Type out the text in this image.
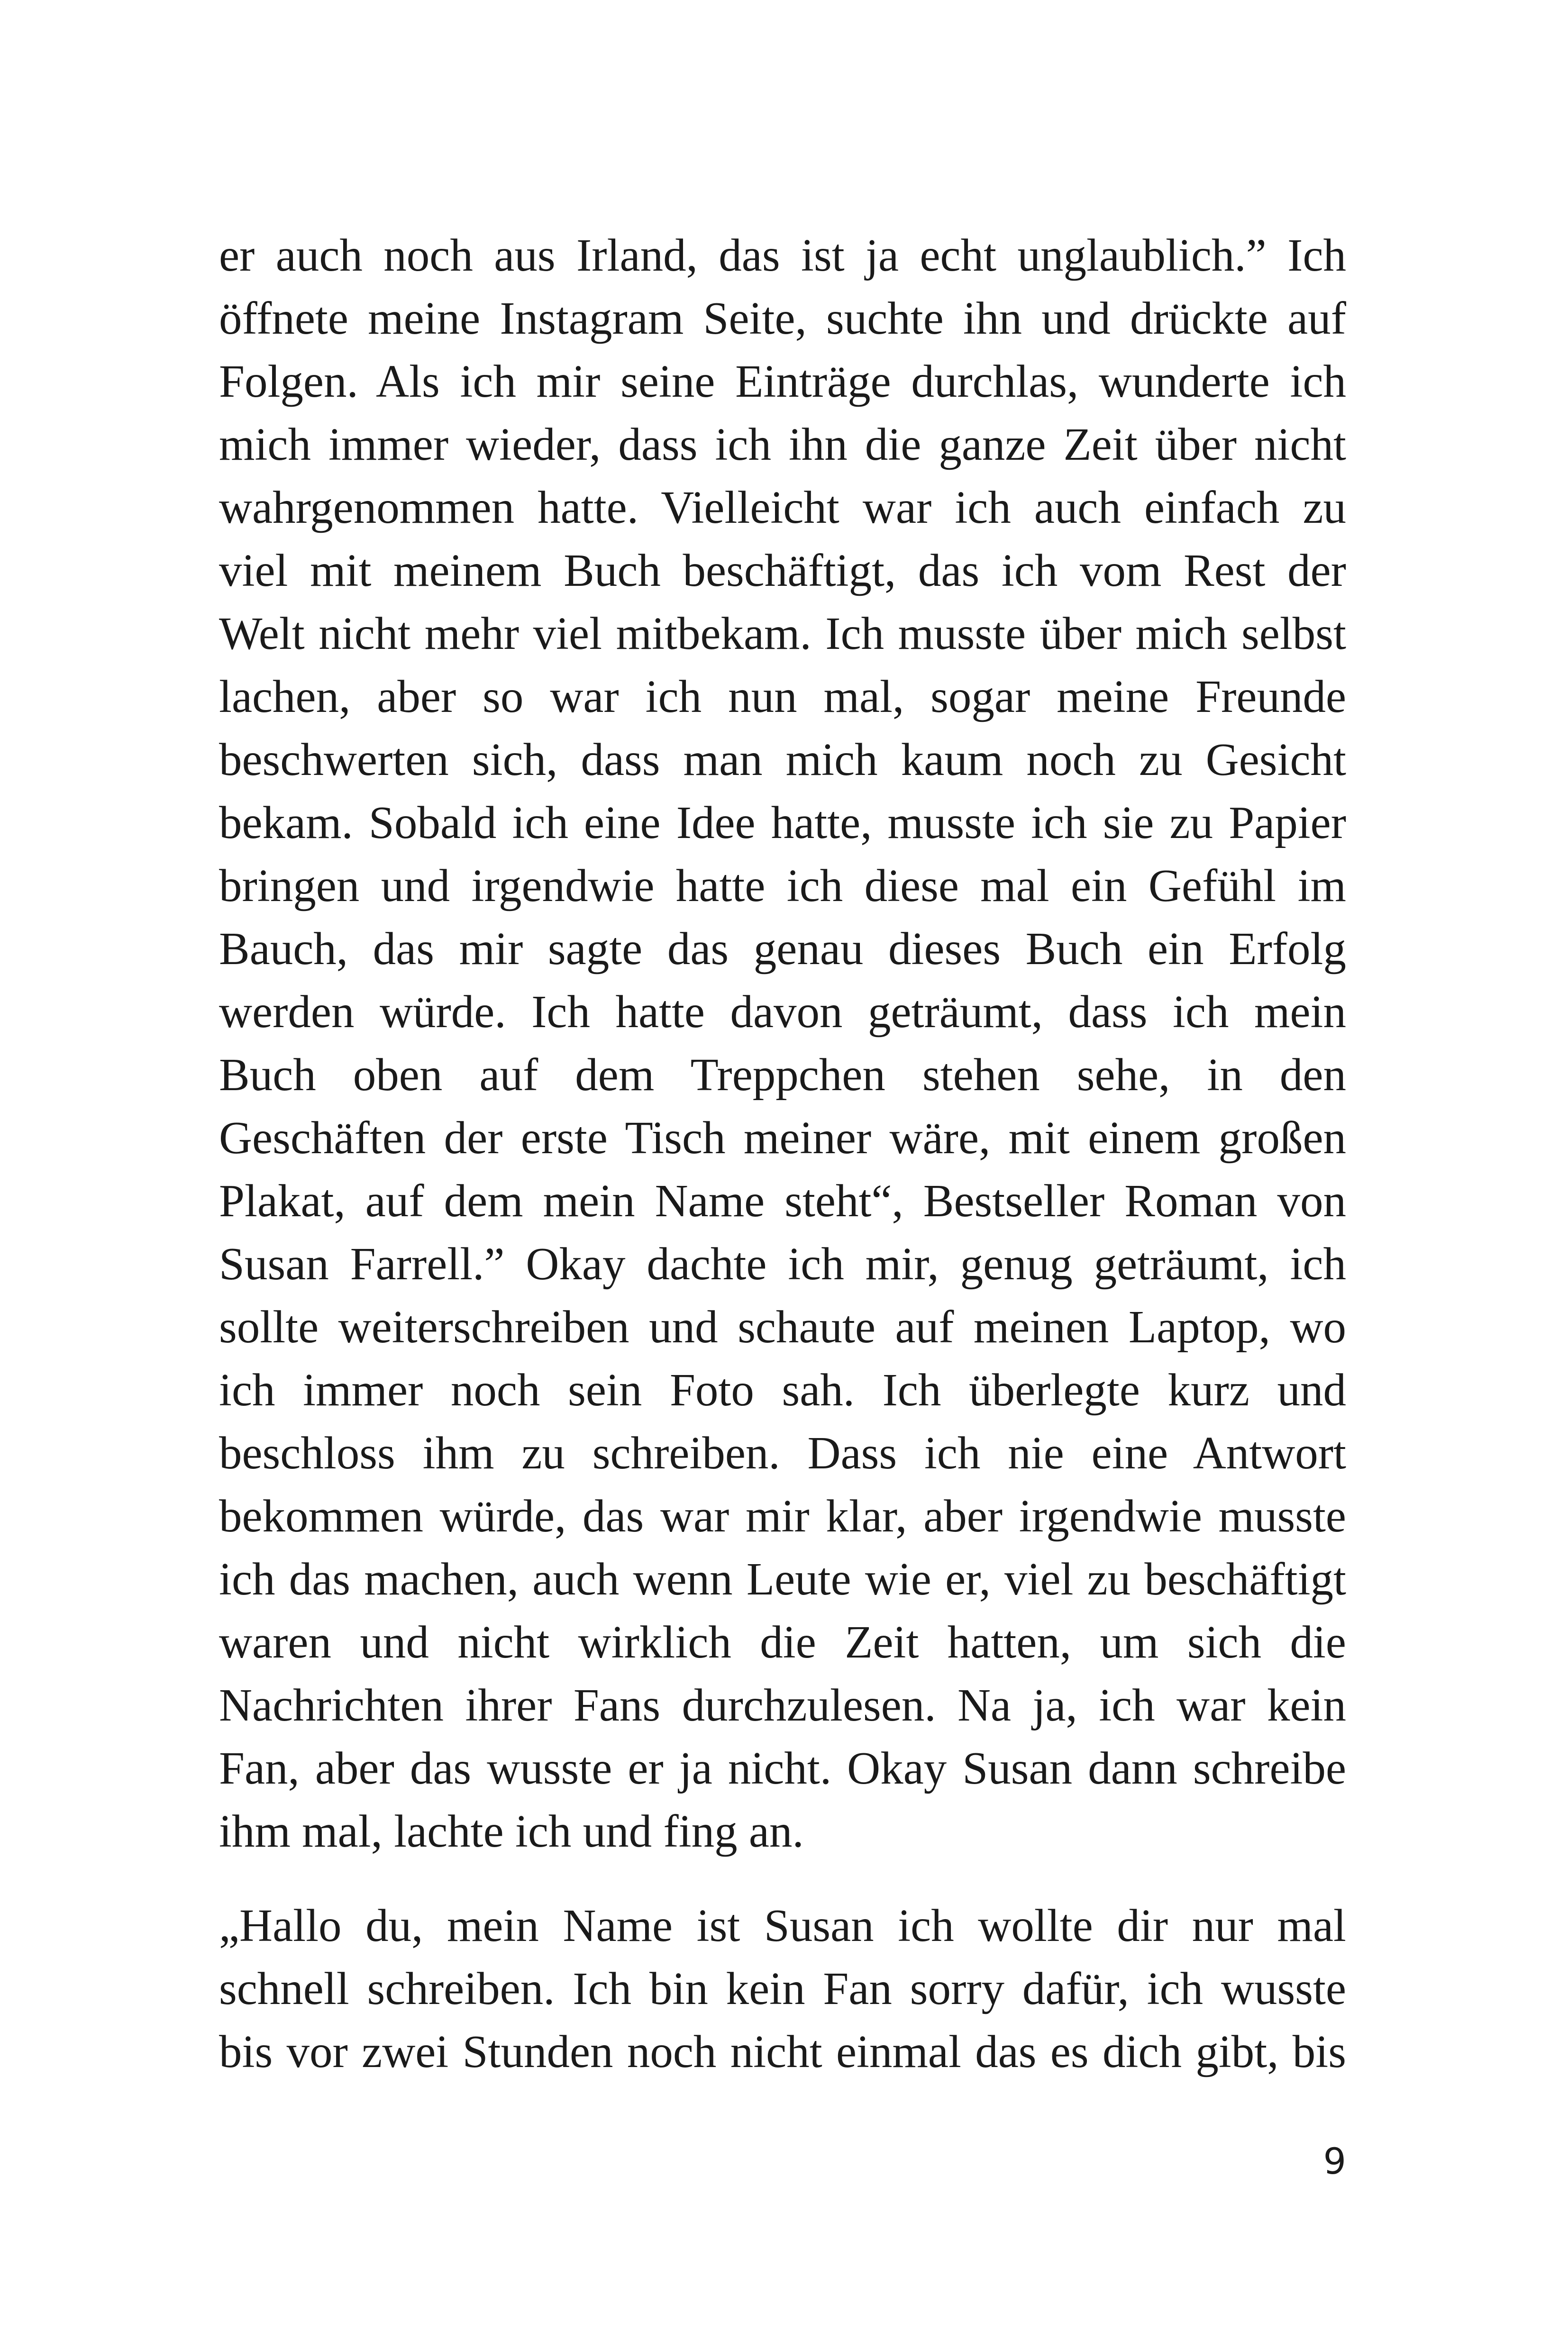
er auch noch aus Irland, das ist ja echt unglaublich.” Ich
öffnete meine Instagram Seite, suchte ihn und drückte auf
Folgen. Als ich mir seine Einträge durchlas, wunderte ich
mich immer wieder, dass ich ihn die ganze Zeit über nicht
wahrgenommen hatte. Vielleicht war ich auch einfach zu
viel mit meinem Buch beschäftigt, das ich vom Rest der
Welt nicht mehr viel mitbekam. Ich musste über mich selbst
lachen, aber so war ich nun mal, sogar meine Freunde
beschwerten sich, dass man mich kaum noch zu Gesicht
bekam. Sobald ich eine Idee hatte, musste ich sie zu Papier
bringen und irgendwie hatte ich diese mal ein Gefühl im
Bauch, das mir sagte das genau dieses Buch ein Erfolg
werden würde. Ich hatte davon geträumt, dass ich mein
Buch oben auf dem Treppchen stehen sehe, in den
Geschäften der erste Tisch meiner wäre, mit einem großen
Plakat, auf dem mein Name steht“, Bestseller Roman von
Susan Farrell.” Okay dachte ich mir, genug geträumt, ich
sollte weiterschreiben und schaute auf meinen Laptop, wo
ich immer noch sein Foto sah. Ich überlegte kurz und
beschloss ihm zu schreiben. Dass ich nie eine Antwort
bekommen würde, das war mir klar, aber irgendwie musste
ich das machen, auch wenn Leute wie er, viel zu beschäftigt
waren und nicht wirklich die Zeit hatten, um sich die
Nachrichten ihrer Fans durchzulesen. Na ja, ich war kein
Fan, aber das wusste er ja nicht. Okay Susan dann schreibe
ihm mal, lachte ich und fing an.

„Hallo du, mein Name ist Susan ich wollte dir nur mal
schnell schreiben. Ich bin kein Fan sorry dafür, ich wusste
bis vor zwei Stunden noch nicht einmal das es dich gibt, bis

9
